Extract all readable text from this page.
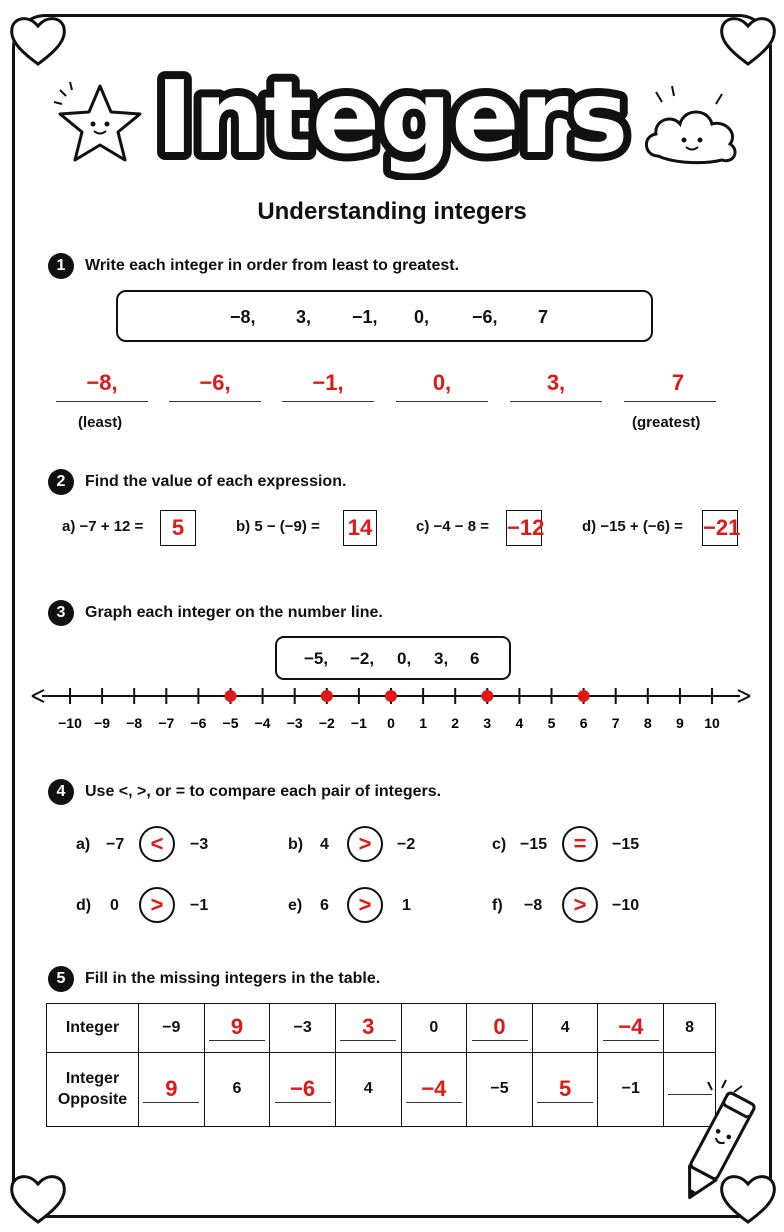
Integers
Understanding integers
1	Write each integer in order from least to greatest.
−8, 3, −1, 0, −6, 7
−8,	−6,	−1,	0,	3,	7
(least)	(greatest)
2	Find the value of each expression.
a) −7 + 12 =	5	b) 5 − (−9) = 14	c) −4 − 8 = −12	d) −15 + (−6) = −21
3	Graph each integer on the number line.
−5, −2, 0, 3, 6
−10 −9 −8 −7 −6 −5 −4 −3 −2 −1 0 1 2 3 4 5 6 7 8 9 10
4	Use <, >, or = to compare each pair of integers.
a) −7	<	−3	b) 4	>	−2	c) −15	=	−15
d) 0	>	−1	e) 6	>	1	f) −8	>	−10
5	Fill in the missing integers in the table.
Integer	−9	9	−3	3	0	0	4	−4	8
Integer
Opposite	9	6	−6	4	−4	−5	5	−1	
